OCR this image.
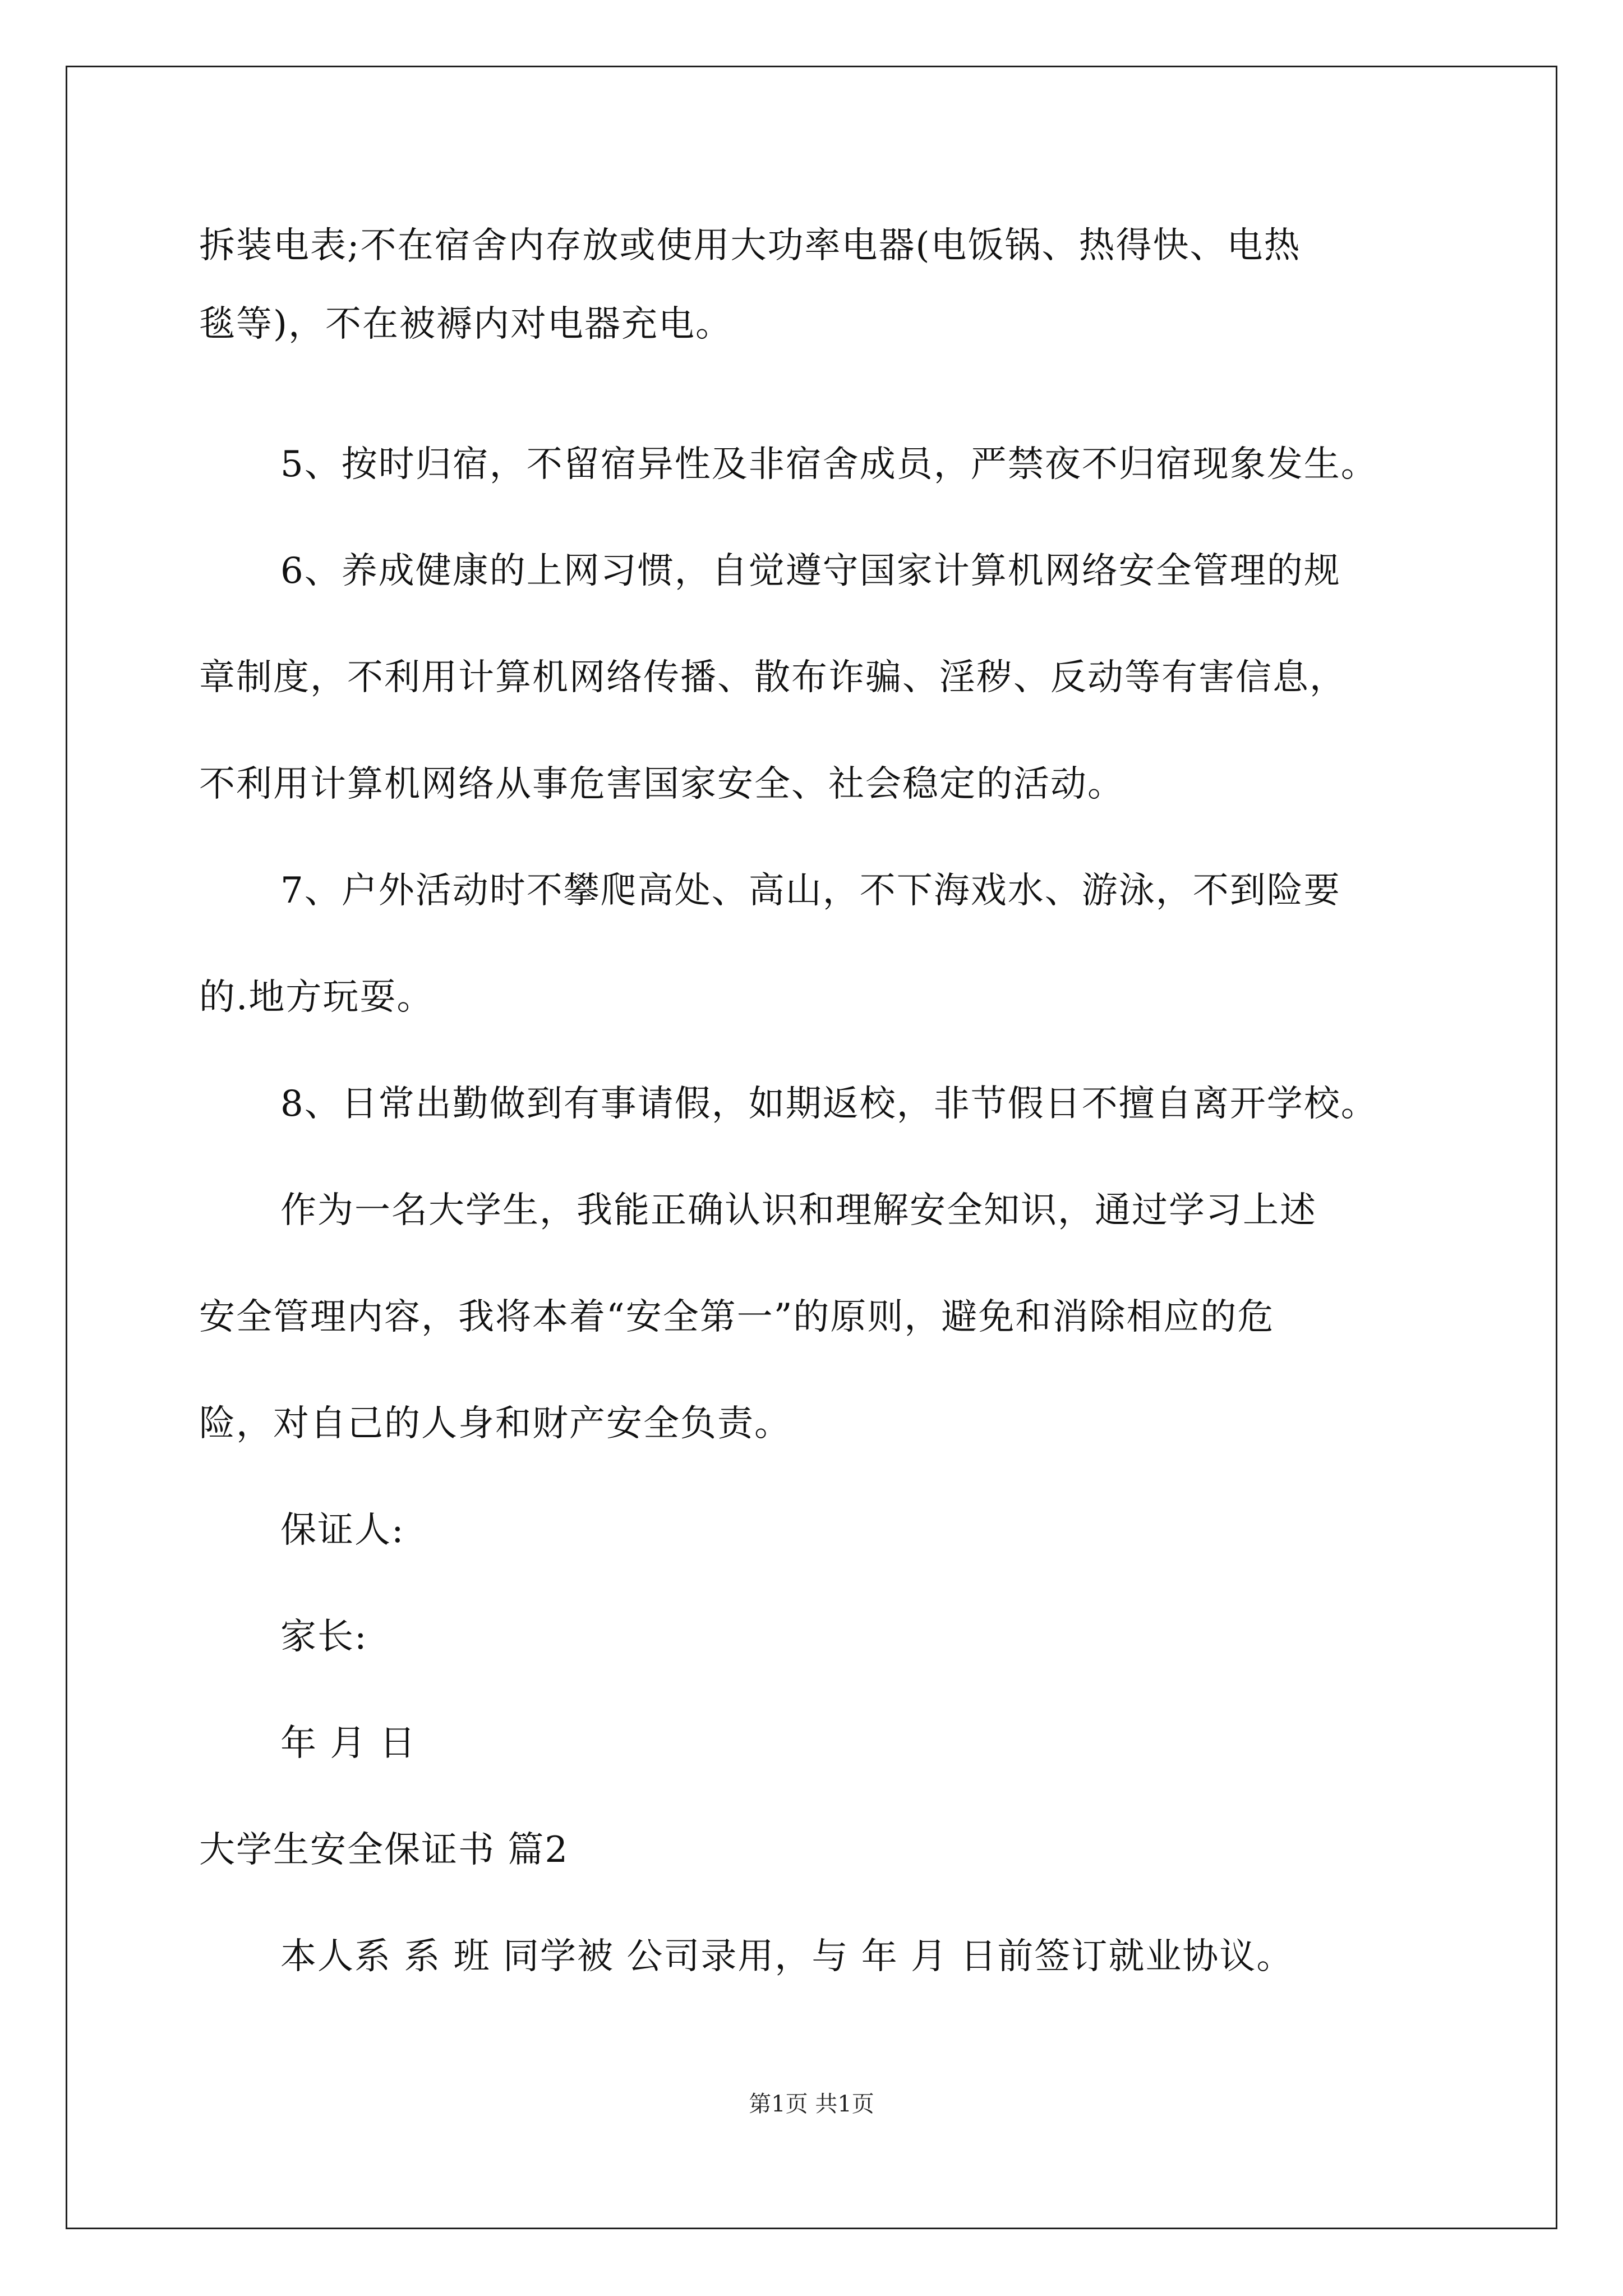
拆装电表;不在宿舍内存放或使用大功率电器(电饭锅、热得快、电热
毯等)，不在被褥内对电器充电。
5、按时归宿，不留宿异性及非宿舍成员，严禁夜不归宿现象发生。
6、养成健康的上网习惯，自觉遵守国家计算机网络安全管理的规
章制度，不利用计算机网络传播、散布诈骗、淫秽、反动等有害信息，
不利用计算机网络从事危害国家安全、社会稳定的活动。
7、户外活动时不攀爬高处、高山，不下海戏水、游泳，不到险要
的.地方玩耍。
8、日常出勤做到有事请假，如期返校，非节假日不擅自离开学校。
作为一名大学生，我能正确认识和理解安全知识，通过学习上述
安全管理内容，我将本着“安全第一”的原则，避免和消除相应的危
险，对自己的人身和财产安全负责。
保证人:
家长:
年 月 日
大学生安全保证书 篇2
本人系 系 班 同学被 公司录用，与 年 月 日前签订就业协议。
第1页 共1页
